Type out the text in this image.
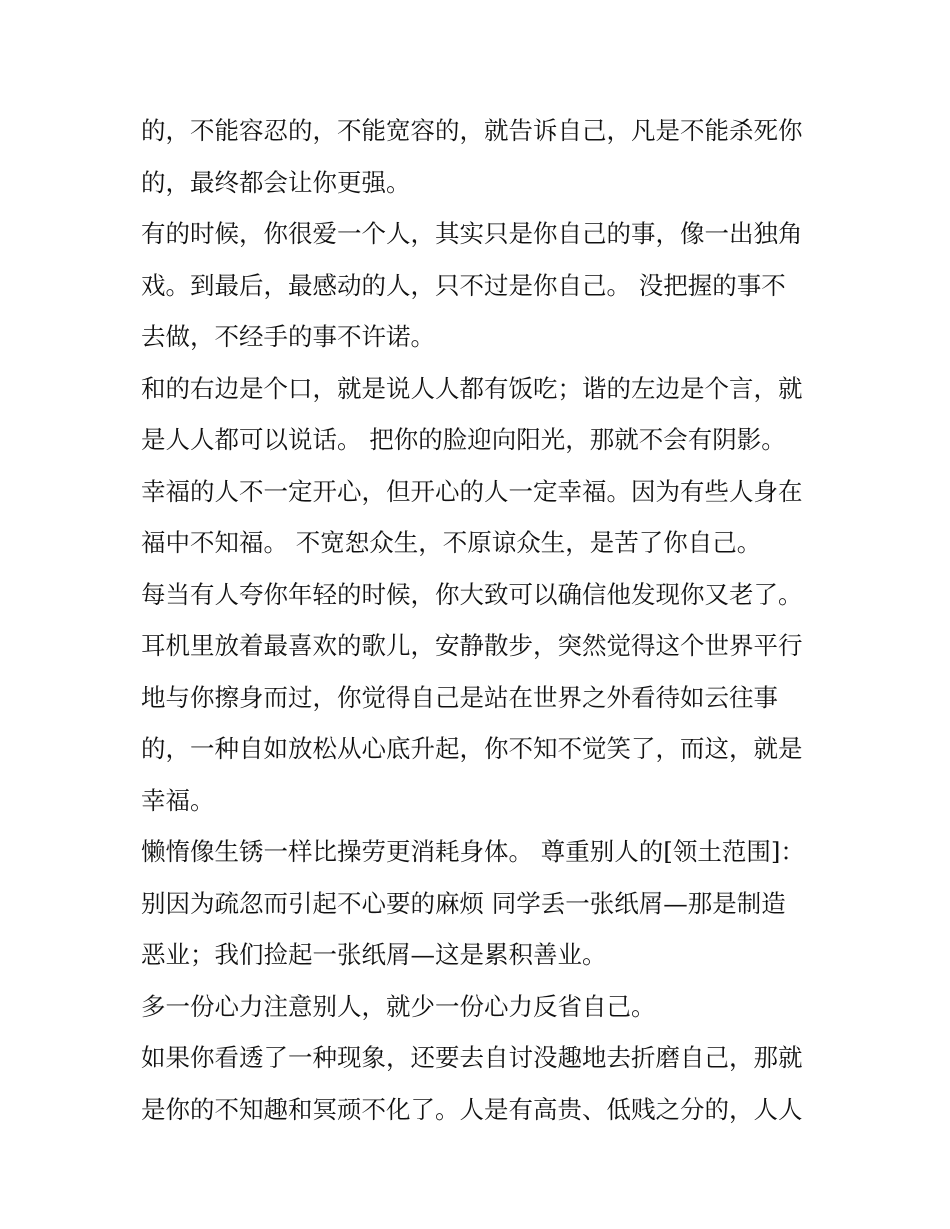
的，不能容忍的，不能宽容的，就告诉自己，凡是不能杀死你
的，最终都会让你更强。
有的时候，你很爱一个人，其实只是你自己的事，像一出独角
戏。到最后，最感动的人，只不过是你自己。 没把握的事不
去做，不经手的事不许诺。
和的右边是个口，就是说人人都有饭吃；谐的左边是个言，就
是人人都可以说话。 把你的脸迎向阳光，那就不会有阴影。
幸福的人不一定开心，但开心的人一定幸福。因为有些人身在
福中不知福。 不宽恕众生，不原谅众生，是苦了你自己。
每当有人夸你年轻的时候，你大致可以确信他发现你又老了。
耳机里放着最喜欢的歌儿，安静散步，突然觉得这个世界平行
地与你擦身而过，你觉得自己是站在世界之外看待如云往事
的，一种自如放松从心底升起，你不知不觉笑了，而这，就是
幸福。
懒惰像生锈一样比操劳更消耗身体。 尊重别人的[领土范围]：
别因为疏忽而引起不心要的麻烦 同学丢一张纸屑—那是制造
恶业；我们捡起一张纸屑—这是累积善业。
多一份心力注意别人，就少一份心力反省自己。
如果你看透了一种现象，还要去自讨没趣地去折磨自己，那就
是你的不知趣和冥顽不化了。人是有高贵、低贱之分的，人人
